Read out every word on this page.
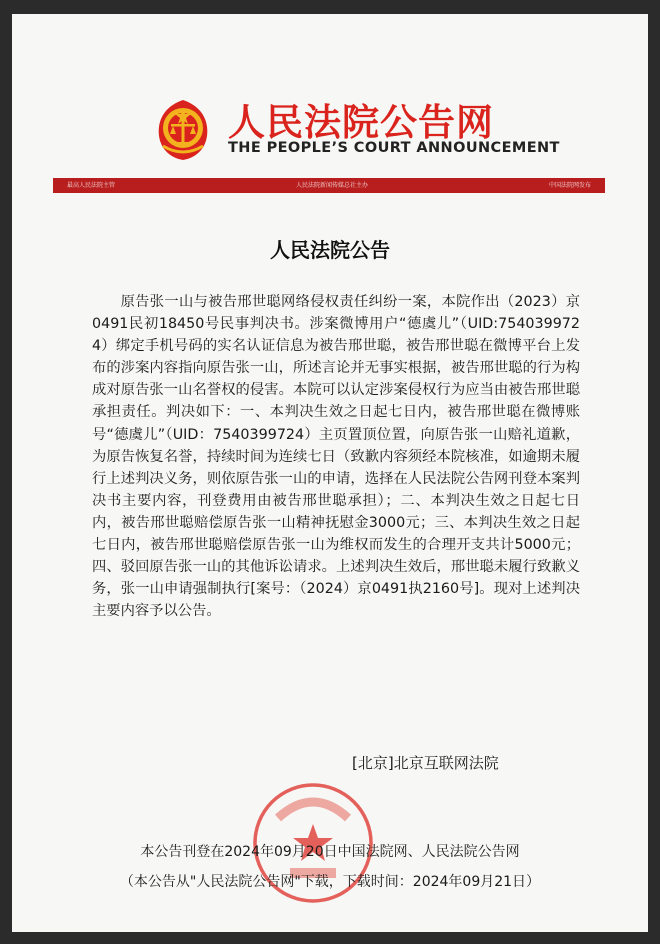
人民法院公告网
THE PEOPLE’S COURT ANNOUNCEMENT
最高人民法院主管	人民法院新闻传媒总社主办	中国法院网发布
人民法院公告
原告张一山与被告邢世聪网络侵权责任纠纷一案，本院作出（2023）京0491民初18450号民事判决书。涉案微博用户“德虞儿”（UID:7540399724）绑定手机号码的实名认证信息为被告邢世聪，被告邢世聪在微博平台上发布的涉案内容指向原告张一山，所述言论并无事实根据，被告邢世聪的行为构成对原告张一山名誉权的侵害。本院可以认定涉案侵权行为应当由被告邢世聪承担责任。判决如下：一、本判决生效之日起七日内，被告邢世聪在微博账号“德虞儿”（UID：7540399724）主页置顶位置，向原告张一山赔礼道歉，为原告恢复名誉，持续时间为连续七日（致歉内容须经本院核准，如逾期未履行上述判决义务，则依原告张一山的申请，选择在人民法院公告网刊登本案判决书主要内容，刊登费用由被告邢世聪承担）；二、本判决生效之日起七日内，被告邢世聪赔偿原告张一山精神抚慰金3000元；三、本判决生效之日起七日内，被告邢世聪赔偿原告张一山为维权而发生的合理开支共计5000元；四、驳回原告张一山的其他诉讼请求。上述判决生效后，邢世聪未履行致歉义务，张一山申请强制执行[案号：（2024）京0491执2160号]。现对上述判决主要内容予以公告。
[北京]北京互联网法院
本公告刊登在2024年09月20日中国法院网、人民法院公告网
（本公告从"人民法院公告网"下载，下载时间：2024年09月21日）
